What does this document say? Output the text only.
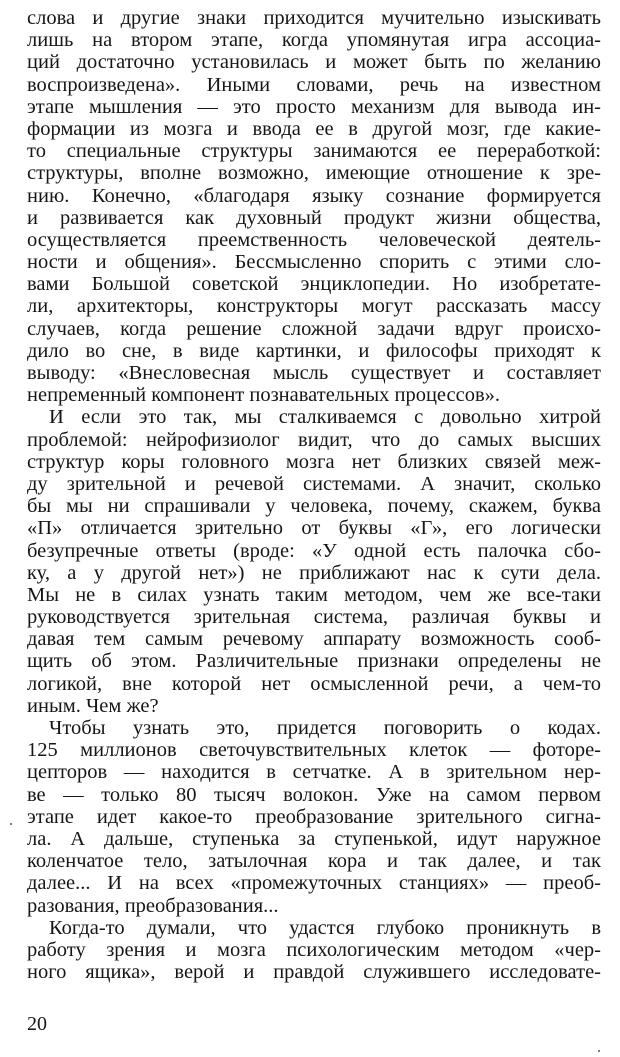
слова и другие знаки приходится мучительно изыскивать
лишь на втором этапе, когда упомянутая игра ассоциа-
ций достаточно установилась и может быть по желанию
воспроизведена». Иными словами, речь на известном
этапе мышления — это просто механизм для вывода ин-
формации из мозга и ввода ее в другой мозг, где какие-
то специальные структуры занимаются ее переработкой:
структуры, вполне возможно, имеющие отношение к зре-
нию. Конечно, «благодаря языку сознание формируется
и развивается как духовный продукт жизни общества,
осуществляется преемственность человеческой деятель-
ности и общения». Бессмысленно спорить с этими сло-
вами Большой советской энциклопедии. Но изобретате-
ли, архитекторы, конструкторы могут рассказать массу
случаев, когда решение сложной задачи вдруг происхо-
дило во сне, в виде картинки, и философы приходят к
выводу: «Внесловесная мысль существует и составляет
непременный компонент познавательных процессов».
И если это так, мы сталкиваемся с довольно хитрой
проблемой: нейрофизиолог видит, что до самых высших
структур коры головного мозга нет близких связей меж-
ду зрительной и речевой системами. А значит, сколько
бы мы ни спрашивали у человека, почему, скажем, буква
«П» отличается зрительно от буквы «Г», его логически
безупречные ответы (вроде: «У одной есть палочка сбо-
ку, а у другой нет») не приближают нас к сути дела.
Мы не в силах узнать таким методом, чем же все-таки
руководствуется зрительная система, различая буквы и
давая тем самым речевому аппарату возможность сооб-
щить об этом. Различительные признаки определены не
логикой, вне которой нет осмысленной речи, а чем-то
иным. Чем же?
Чтобы узнать это, придется поговорить о кодах.
125 миллионов светочувствительных клеток — фоторе-
цепторов — находится в сетчатке. А в зрительном нер-
ве — только 80 тысяч волокон. Уже на самом первом
этапе идет какое-то преобразование зрительного сигна-
ла. А дальше, ступенька за ступенькой, идут наружное
коленчатое тело, затылочная кора и так далее, и так
далее... И на всех «промежуточных станциях» — преоб-
разования, преобразования...
Когда-то думали, что удастся глубоко проникнуть в
работу зрения и мозга психологическим методом «чер-
ного ящика», верой и правдой служившего исследовате-
20
